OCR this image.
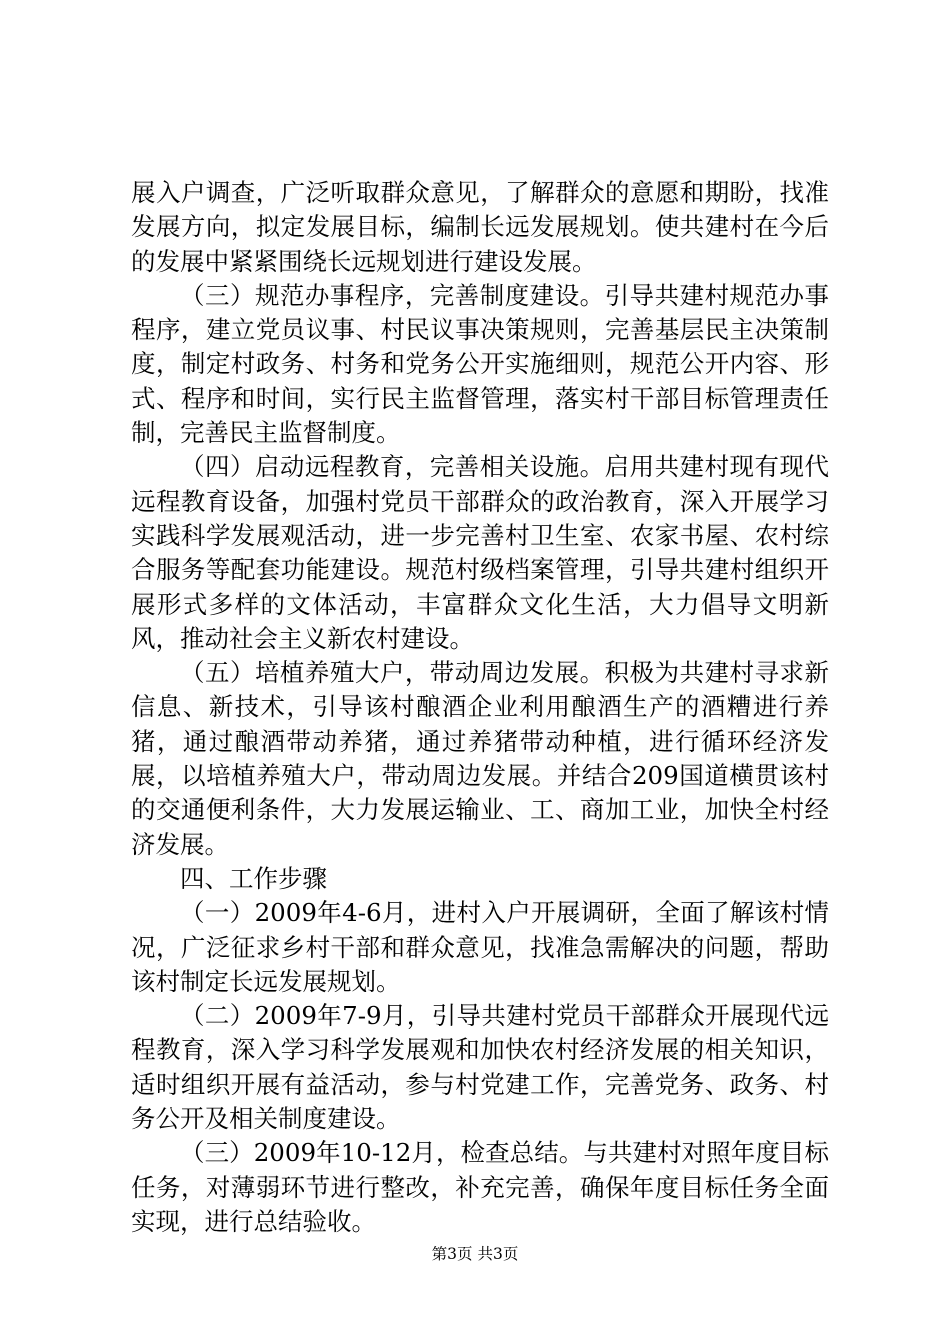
展入户调查，广泛听取群众意见，了解群众的意愿和期盼，找准发展方向，拟定发展目标，编制长远发展规划。使共建村在今后的发展中紧紧围绕长远规划进行建设发展。

（三）规范办事程序，完善制度建设。引导共建村规范办事程序，建立党员议事、村民议事决策规则，完善基层民主决策制度，制定村政务、村务和党务公开实施细则，规范公开内容、形式、程序和时间，实行民主监督管理，落实村干部目标管理责任制，完善民主监督制度。

（四）启动远程教育，完善相关设施。启用共建村现有现代远程教育设备，加强村党员干部群众的政治教育，深入开展学习实践科学发展观活动，进一步完善村卫生室、农家书屋、农村综合服务等配套功能建设。规范村级档案管理，引导共建村组织开展形式多样的文体活动，丰富群众文化生活，大力倡导文明新风，推动社会主义新农村建设。

（五）培植养殖大户，带动周边发展。积极为共建村寻求新信息、新技术，引导该村酿酒企业利用酿酒生产的酒糟进行养猪，通过酿酒带动养猪，通过养猪带动种植，进行循环经济发展，以培植养殖大户，带动周边发展。并结合209国道横贯该村的交通便利条件，大力发展运输业、工、商加工业，加快全村经济发展。

四、工作步骤

（一）2009年4-6月，进村入户开展调研，全面了解该村情况，广泛征求乡村干部和群众意见，找准急需解决的问题，帮助该村制定长远发展规划。

（二）2009年7-9月，引导共建村党员干部群众开展现代远程教育，深入学习科学发展观和加快农村经济发展的相关知识，适时组织开展有益活动，参与村党建工作，完善党务、政务、村务公开及相关制度建设。

（三）2009年10-12月，检查总结。与共建村对照年度目标任务，对薄弱环节进行整改，补充完善，确保年度目标任务全面实现，进行总结验收。

第3页 共3页
